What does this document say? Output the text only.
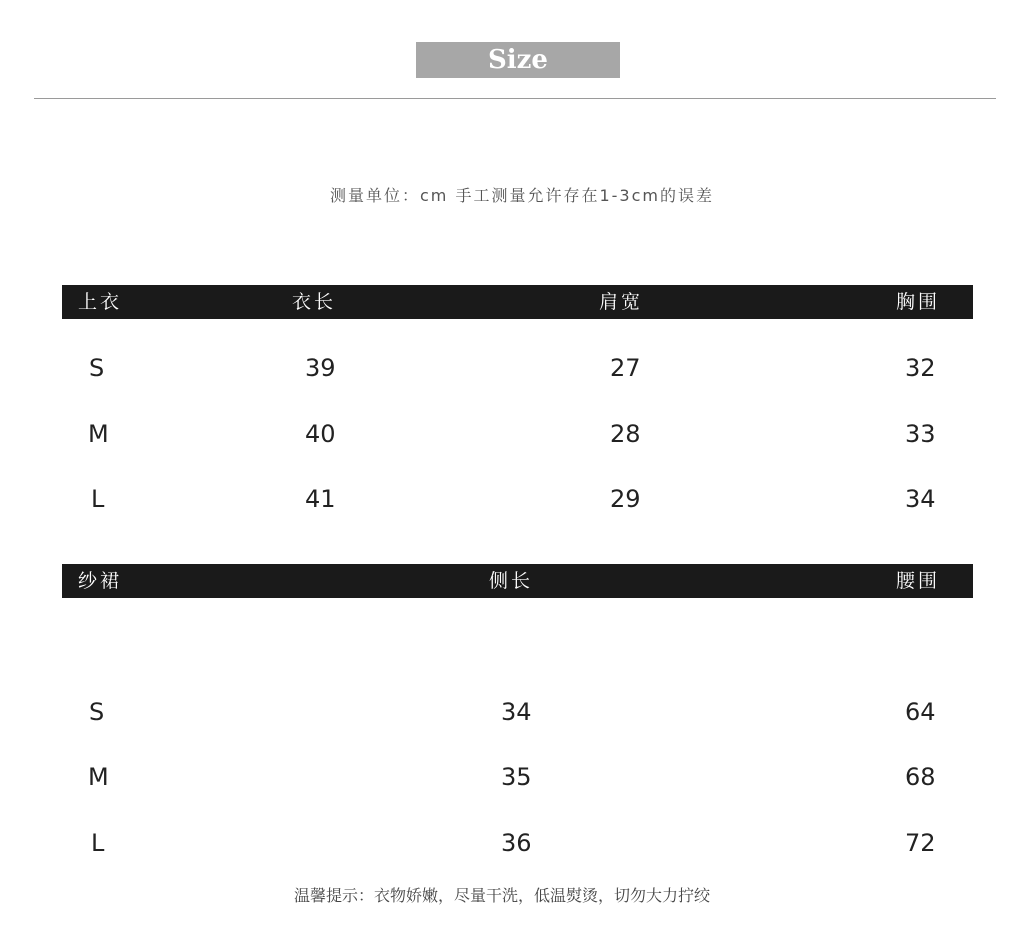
Size
测量单位：cm 手工测量允许存在1-3cm的误差
上衣	衣长	肩宽	胸围
S	39	27	32
M	40	28	33
L	41	29	34
纱裙	侧长	腰围
S	34	64
M	35	68
L	36	72
温馨提示：衣物娇嫩，尽量干洗，低温熨烫，切勿大力拧绞
